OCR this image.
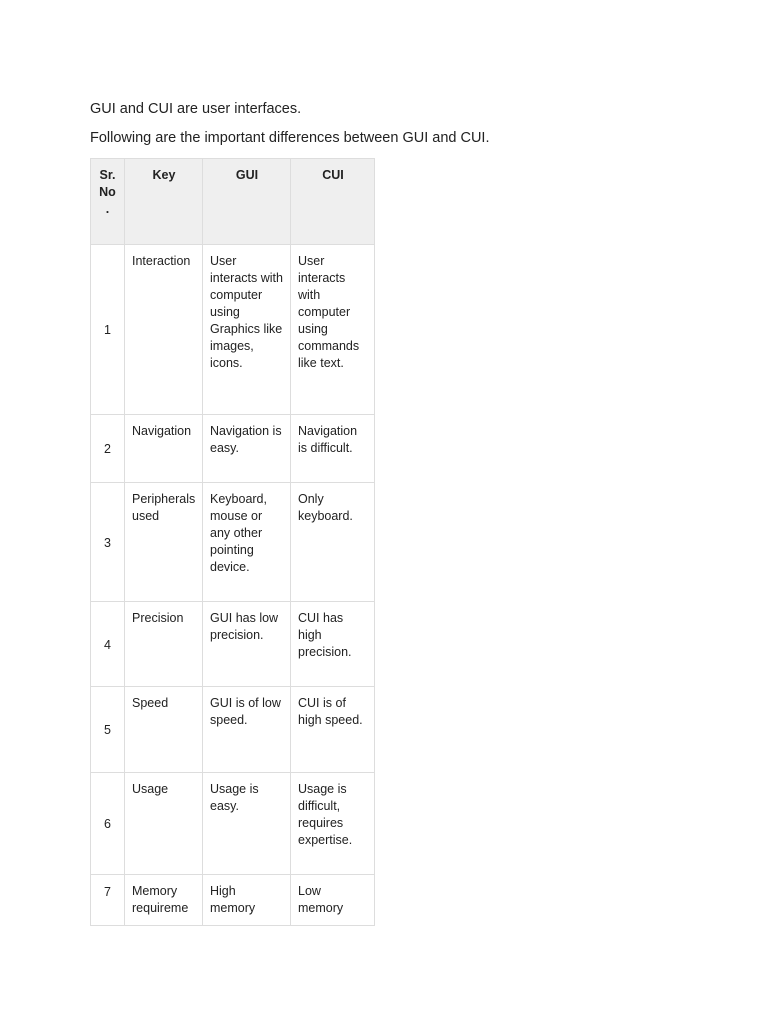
GUI and CUI are user interfaces.
Following are the important differences between GUI and CUI.
Sr.
No
.	Key	GUI	CUI
1	Interaction	User interacts with computer using Graphics like images, icons.	User interacts with computer using commands like text.
2	Navigation	Navigation is easy.	Navigation is difficult.
3	Peripherals used	Keyboard, mouse or any other pointing device.	Only keyboard.
4	Precision	GUI has low precision.	CUI has high precision.
5	Speed	GUI is of low speed.	CUI is of high speed.
6	Usage	Usage is easy.	Usage is difficult, requires expertise.
7	Memory requireme	High memory	Low memory
